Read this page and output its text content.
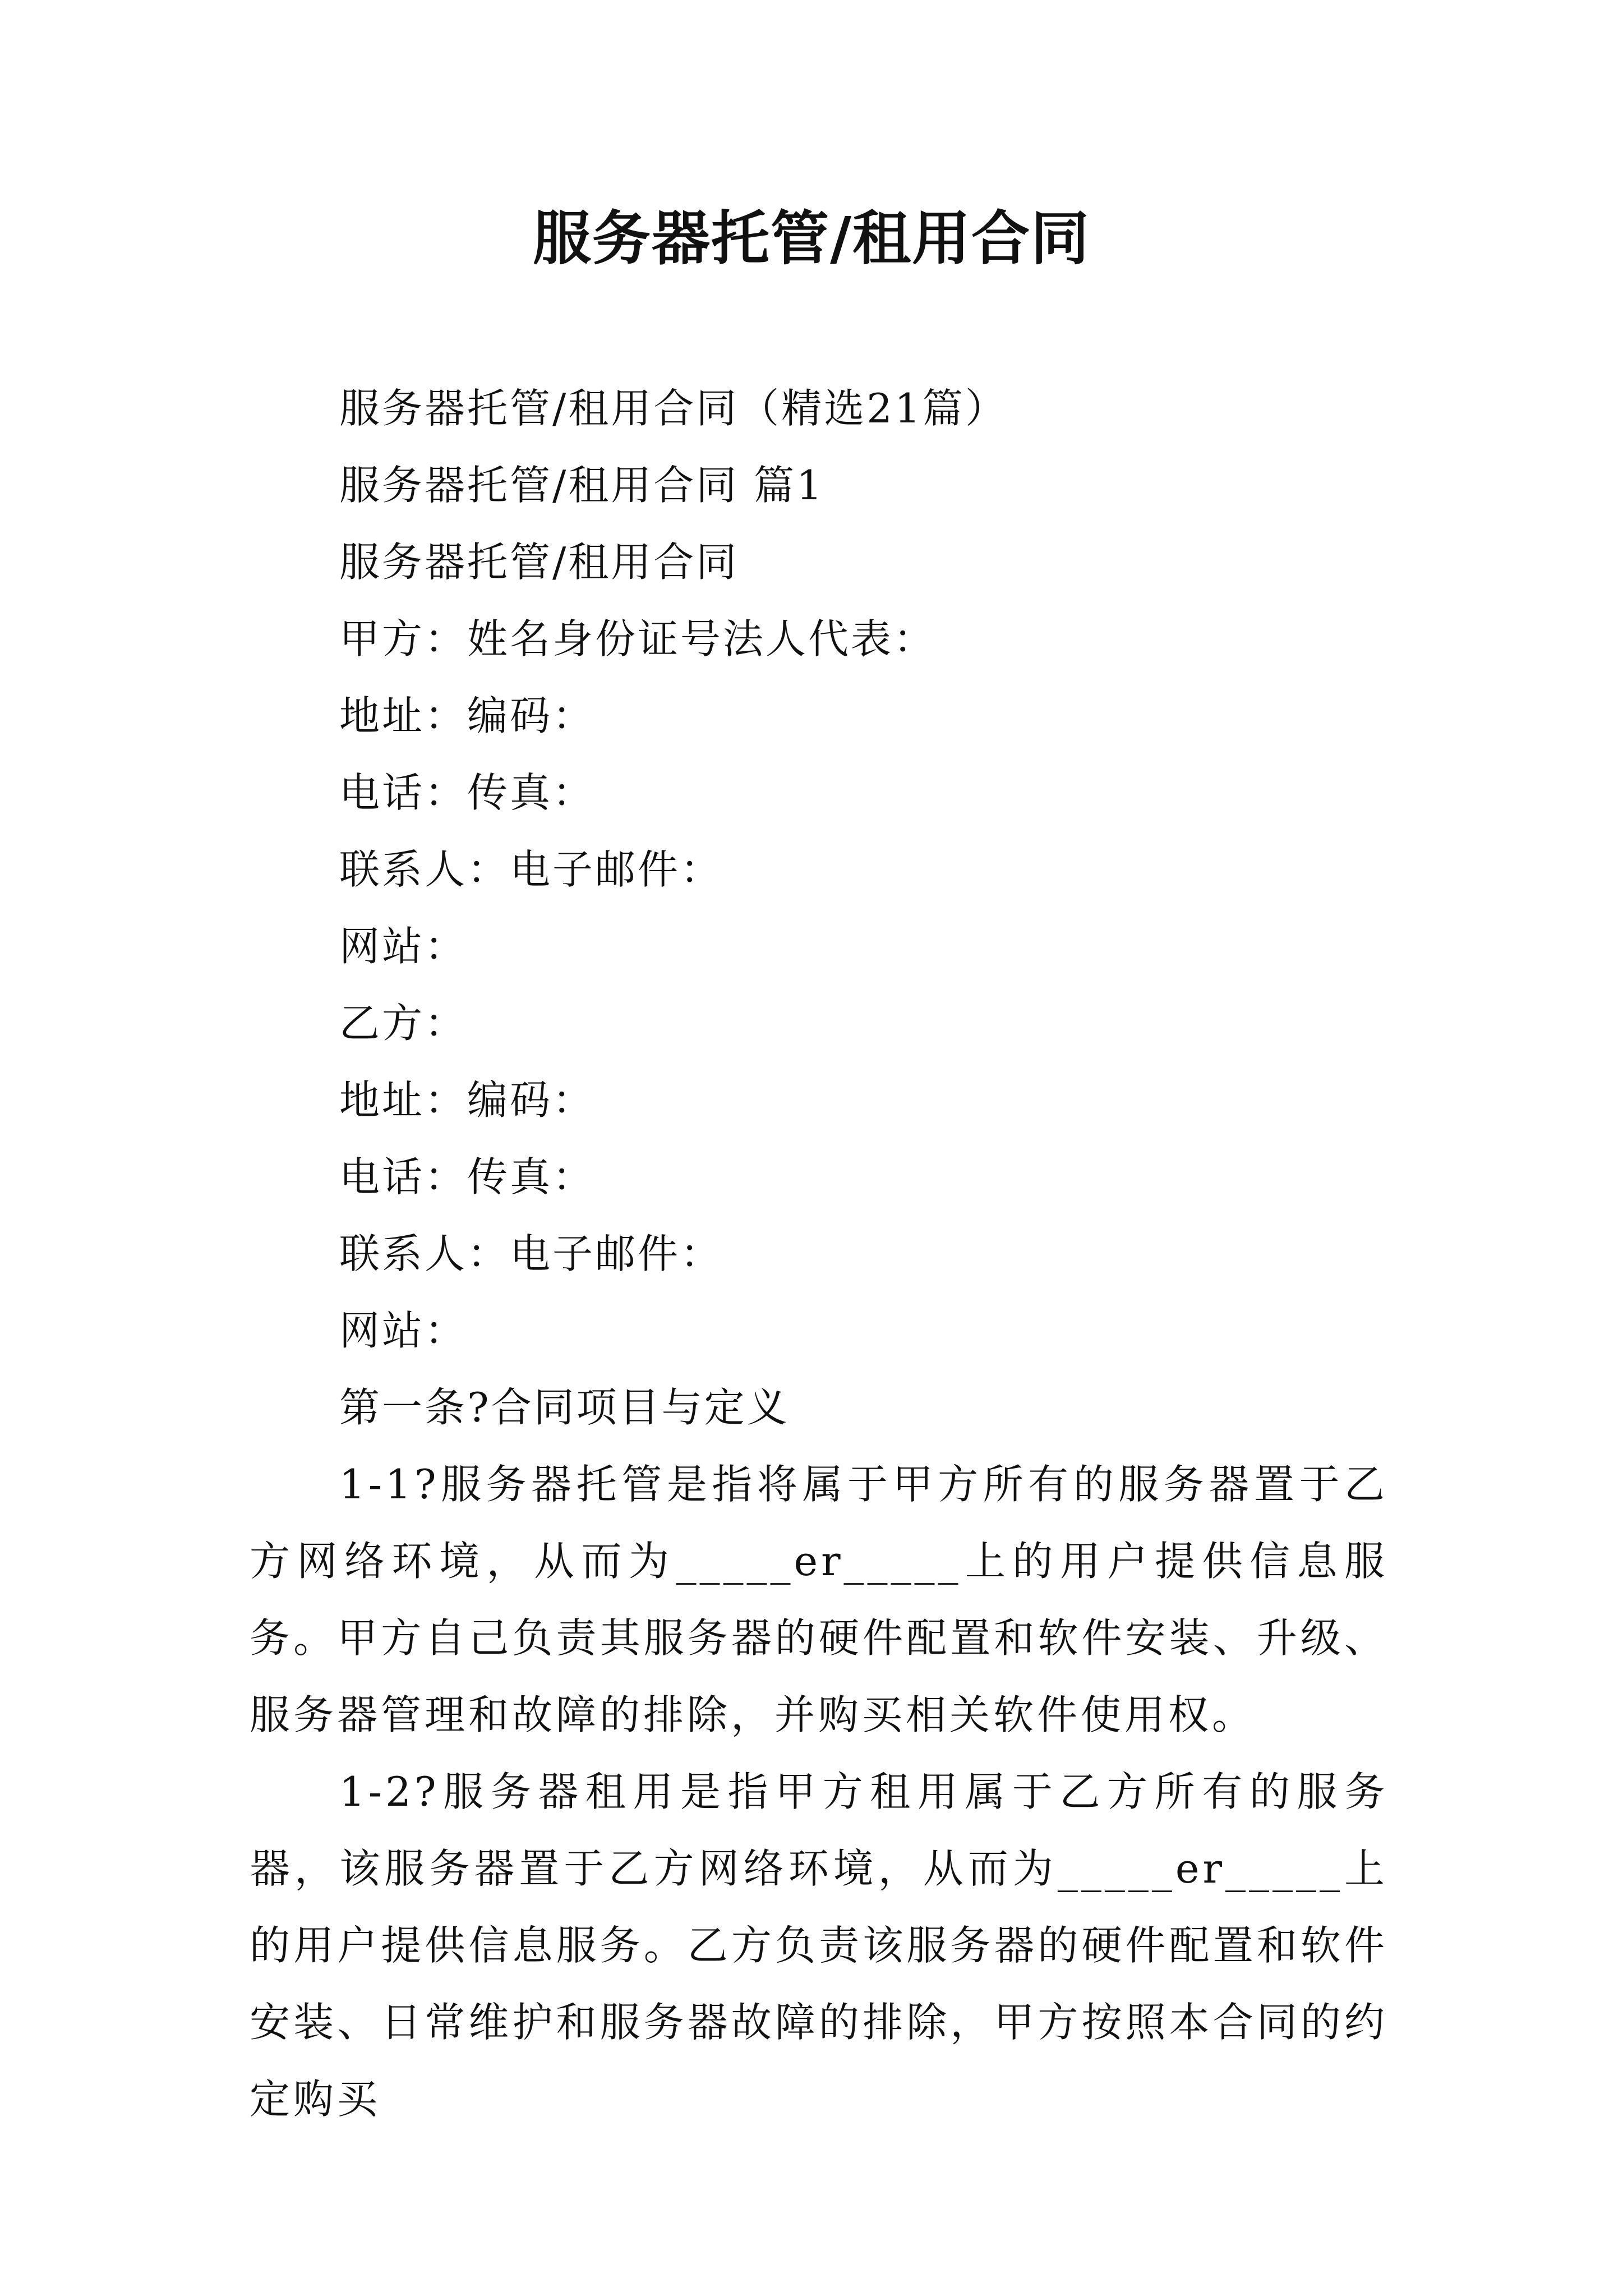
服务器托管/租用合同

服务器托管/租用合同（精选21篇）

服务器托管/租用合同 篇1

服务器托管/租用合同

甲方：姓名身份证号法人代表：

地址：编码：

电话：传真：

联系人：电子邮件：

网站：

乙方：

地址：编码：

电话：传真：

联系人：电子邮件：

网站：

第一条?合同项目与定义

1-1?服务器托管是指将属于甲方所有的服务器置于乙方网络环境，从而为_____er_____上的用户提供信息服务。甲方自己负责其服务器的硬件配置和软件安装、升级、服务器管理和故障的排除，并购买相关软件使用权。

1-2?服务器租用是指甲方租用属于乙方所有的服务器，该服务器置于乙方网络环境，从而为_____er_____上的用户提供信息服务。乙方负责该服务器的硬件配置和软件安装、日常维护和服务器故障的排除，甲方按照本合同的约定购买
